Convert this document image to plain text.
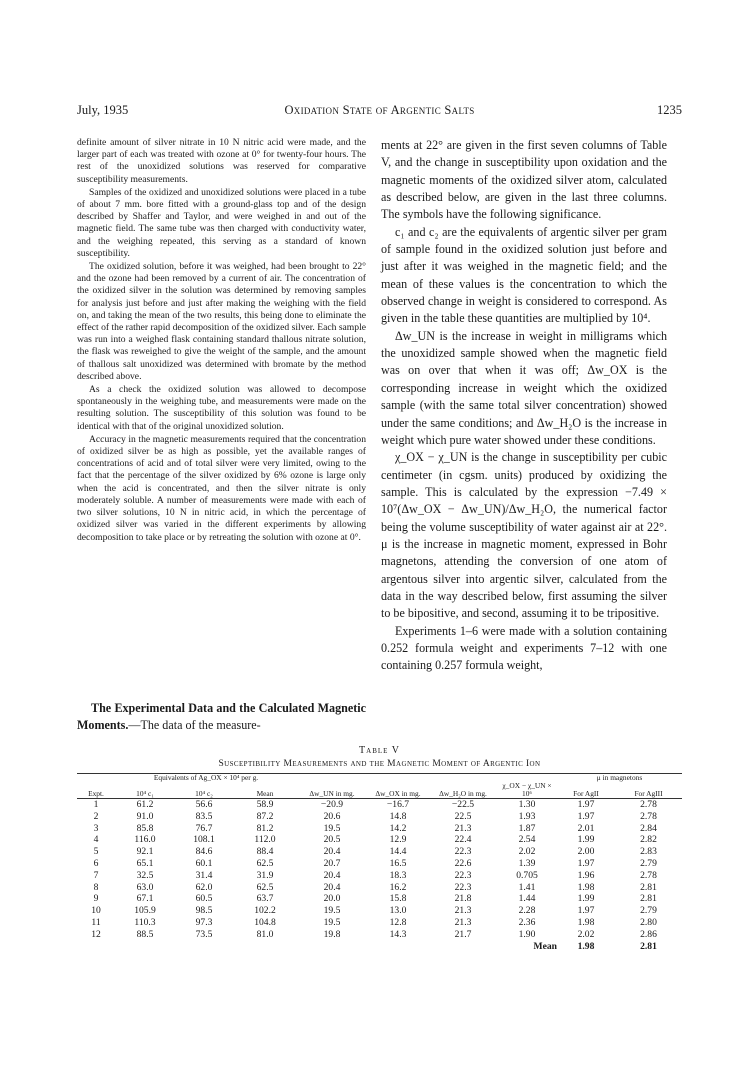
July, 1935	Oxidation State of Argentic Salts	1235

definite amount of silver nitrate in 10 N nitric acid were made, and the larger part of each was treated with ozone at 0° for twenty-four hours. The rest of the unoxidized solutions was reserved for comparative susceptibility measurements.

Samples of the oxidized and unoxidized solutions were placed in a tube of about 7 mm. bore fitted with a ground-glass top and of the design described by Shaffer and Taylor, and were weighed in and out of the magnetic field. The same tube was then charged with conductivity water, and the weighing repeated, this serving as a standard of known susceptibility.

The oxidized solution, before it was weighed, had been brought to 22° and the ozone had been removed by a current of air. The concentration of the oxidized silver in the solution was determined by removing samples for analysis just before and just after making the weighing with the field on, and taking the mean of the two results, this being done to eliminate the effect of the rather rapid decomposition of the oxidized silver. Each sample was run into a weighed flask containing standard thallous nitrate solution, the flask was reweighed to give the weight of the sample, and the amount of thallous salt unoxidized was determined with bromate by the method described above.

As a check the oxidized solution was allowed to decompose spontaneously in the weighing tube, and measurements were made on the resulting solution. The susceptibility of this solution was found to be identical with that of the original unoxidized solution.

Accuracy in the magnetic measurements required that the concentration of oxidized silver be as high as possible, yet the available ranges of concentrations of acid and of total silver were very limited, owing to the fact that the percentage of the silver oxidized by 6% ozone is large only when the acid is concentrated, and then the silver nitrate is only moderately soluble. A number of measurements were made with each of two silver solutions, 10 N in nitric acid, in which the percentage of oxidized silver was varied in the different experiments by allowing decomposition to take place or by retreating the solution with ozone at 0°.

The Experimental Data and the Calculated Magnetic Moments.—The data of the measure-

ments at 22° are given in the first seven columns of Table V, and the change in susceptibility upon oxidation and the magnetic moments of the oxidized silver atom, calculated as described below, are given in the last three columns. The symbols have the following significance.

c₁ and c₂ are the equivalents of argentic silver per gram of sample found in the oxidized solution just before and just after it was weighed in the magnetic field; and the mean of these values is the concentration to which the observed change in weight is considered to correspond. As given in the table these quantities are multiplied by 10⁴.

Δw_UN is the increase in weight in milligrams which the unoxidized sample showed when the magnetic field was on over that when it was off; Δw_OX is the corresponding increase in weight which the oxidized sample (with the same total silver concentration) showed under the same conditions; and Δw_H₂O is the increase in weight which pure water showed under these conditions.

χ_OX − χ_UN is the change in susceptibility per cubic centimeter (in cgsm. units) produced by oxidizing the sample. This is calculated by the expression −7.49 × 10⁷(Δw_OX − Δw_UN)/Δw_H₂O, the numerical factor being the volume susceptibility of water against air at 22°. μ is the increase in magnetic moment, expressed in Bohr magnetons, attending the conversion of one atom of argentous silver into argentic silver, calculated from the data in the way described below, first assuming the silver to be bipositive, and second, assuming it to be tripositive.

Experiments 1–6 were made with a solution containing 0.252 formula weight and experiments 7–12 with one containing 0.257 formula weight,

Table V
Susceptibility Measurements and the Magnetic Moment of Argentic Ion
	Equivalents of Ag_OX × 10⁴ per g.							μ in magnetons	
Expt.	10⁴ c₁	10⁴ c₂	Mean	Δw_UN in mg.	Δw_OX in mg.	Δw_H₂O in mg.	χ_OX − χ_UN × 10⁶	For AgII	For AgIII
1	61.2	56.6	58.9	−20.9	−16.7	−22.5	1.30	1.97	2.78
2	91.0	83.5	87.2	20.6	14.8	22.5	1.93	1.97	2.78
3	85.8	76.7	81.2	19.5	14.2	21.3	1.87	2.01	2.84
4	116.0	108.1	112.0	20.5	12.9	22.4	2.54	1.99	2.82
5	92.1	84.6	88.4	20.4	14.4	22.3	2.02	2.00	2.83
6	65.1	60.1	62.5	20.7	16.5	22.6	1.39	1.97	2.79
7	32.5	31.4	31.9	20.4	18.3	22.3	0.705	1.96	2.78
8	63.0	62.0	62.5	20.4	16.2	22.3	1.41	1.98	2.81
9	67.1	60.5	63.7	20.0	15.8	21.8	1.44	1.99	2.81
10	105.9	98.5	102.2	19.5	13.0	21.3	2.28	1.97	2.79
11	110.3	97.3	104.8	19.5	12.8	21.3	2.36	1.98	2.80
12	88.5	73.5	81.0	19.8	14.3	21.7	1.90	2.02	2.86
							Mean	1.98	2.81
